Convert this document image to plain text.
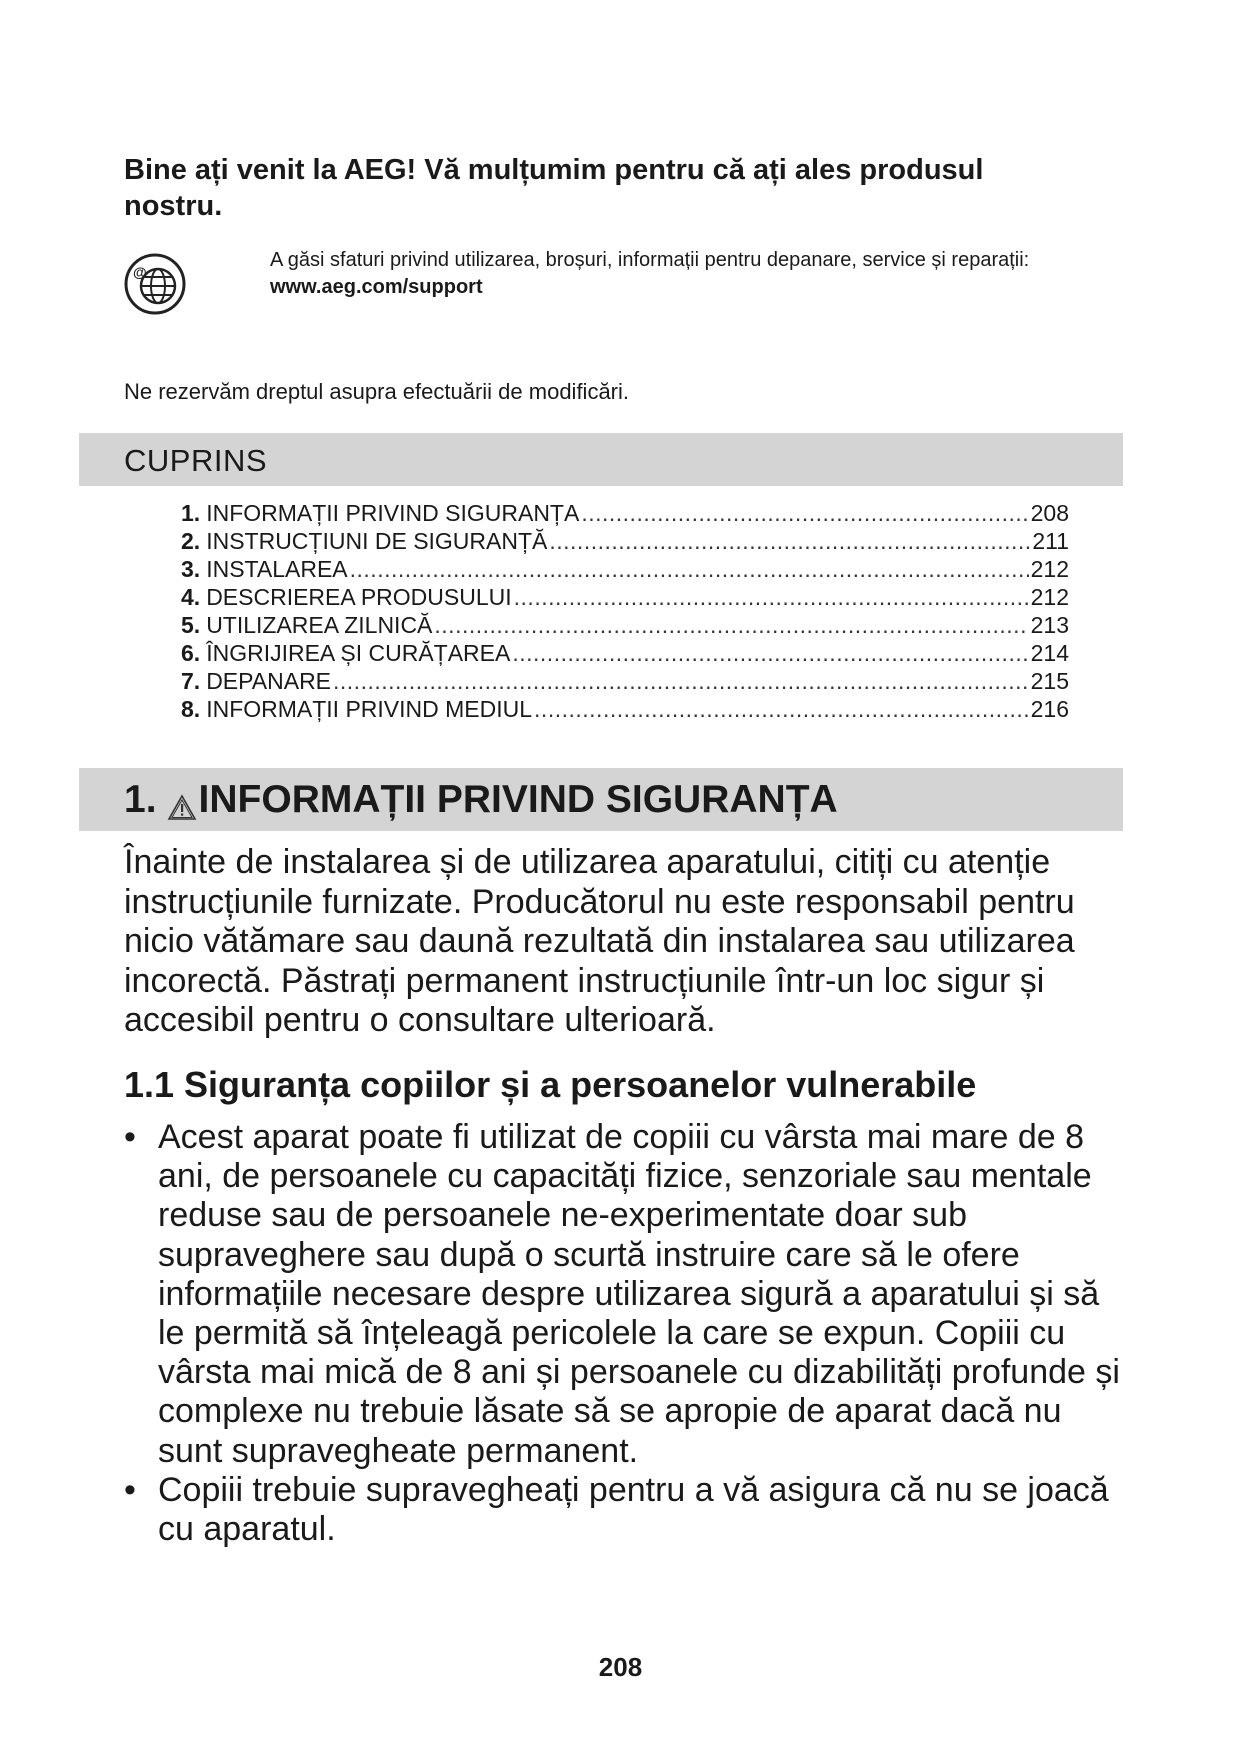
Bine ați venit la AEG! Vă mulțumim pentru că ați ales produsul nostru.
@
A găsi sfaturi privind utilizarea, broșuri, informații pentru depanare, service și reparații:
www.aeg.com/support
Ne rezervăm dreptul asupra efectuării de modificări.
CUPRINS
1. INFORMAȚII PRIVIND SIGURANȚA .....	208
2. INSTRUCȚIUNI DE SIGURANȚĂ .....	211
3. INSTALAREA .....	212
4. DESCRIEREA PRODUSULUI .....	212
5. UTILIZAREA ZILNICĂ .....	213
6. ÎNGRIJIREA ȘI CURĂȚAREA .....	214
7. DEPANARE .....	215
8. INFORMAȚII PRIVIND MEDIUL .....	216
1. INFORMAȚII PRIVIND SIGURANȚA

Înainte de instalarea și de utilizarea aparatului, citiți cu atenție instrucțiunile furnizate. Producătorul nu este responsabil pentru nicio vătămare sau daună rezultată din instalarea sau utilizarea incorectă. Păstrați permanent instrucțiunile într-un loc sigur și accesibil pentru o consultare ulterioară.

1.1 Siguranța copiilor și a persoanelor vulnerabile
• Acest aparat poate fi utilizat de copiii cu vârsta mai mare de 8 ani, de persoanele cu capacități fizice, senzoriale sau mentale reduse sau de persoanele ne-experimentate doar sub supraveghere sau după o scurtă instruire care să le ofere informațiile necesare despre utilizarea sigură a aparatului și să le permită să înțeleagă pericolele la care se expun. Copiii cu vârsta mai mică de 8 ani și persoanele cu dizabilități profunde și complexe nu trebuie lăsate să se apropie de aparat dacă nu sunt supravegheate permanent.
• Copiii trebuie supravegheați pentru a vă asigura că nu se joacă cu aparatul.
208
